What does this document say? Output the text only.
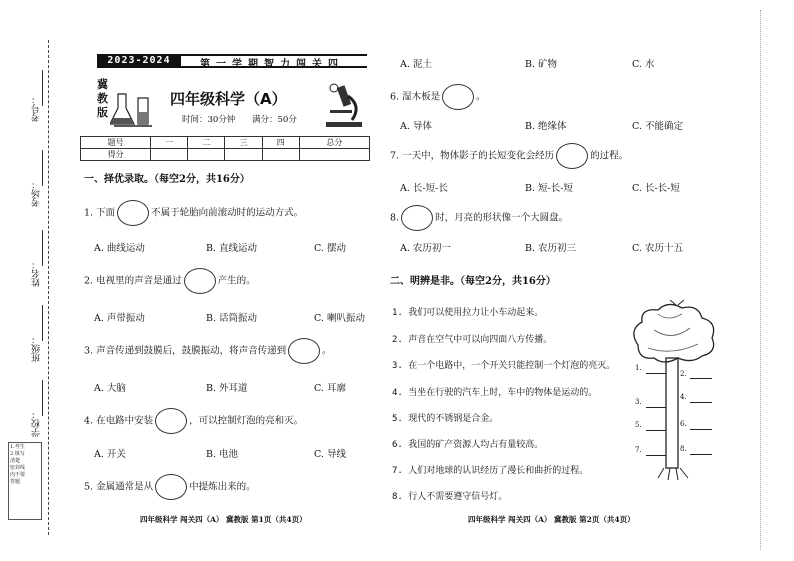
考号：
考场：
姓名：
班级：
学校：
1.考生
2.填写
清楚
密封线
内不要
答题
2023-2024	第一学期智力闯关四
冀教版
四年级科学（A）
时间：30分钟 满分：50分
题号	一	二	三	四	总分
得分					
一、择优录取。（每空2分，共16分）
1. 下面	不属于轮胎向前滚动时的运动方式。
A. 曲线运动	B. 直线运动	C. 摆动
2. 电视里的声音是通过	产生的。
A. 声带振动	B. 话筒振动	C. 喇叭振动
3. 声音传递到鼓膜后，鼓膜振动，将声音传递到	。
A. 大脑	B. 外耳道	C. 耳廓
4. 在电路中安装	，可以控制灯泡的亮和灭。
A. 开关	B. 电池	C. 导线
5. 金属通常是从	中提炼出来的。
四年级科学 闯关四（A） 冀教版 第1页（共4页）
A. 泥土	B. 矿物	C. 水
6. 湿木板是	。
A. 导体	B. 绝缘体	C. 不能确定
7. 一天中，物体影子的长短变化会经历	的过程。
A. 长-短-长	B. 短-长-短	C. 长-长-短
8.	时，月亮的形状像一个大圆盘。
A. 农历初一	B. 农历初三	C. 农历十五
二、明辨是非。（每空2分，共16分）
1. 我们可以使用拉力让小车动起来。
2. 声音在空气中可以向四面八方传播。
3. 在一个电路中，一个开关只能控制一个灯泡的亮灭。
4. 当坐在行驶的汽车上时，车中的物体是运动的。
5. 现代的不锈钢是合金。
6. 我国的矿产资源人均占有量较高。
7. 人们对地球的认识经历了漫长和曲折的过程。
8. 行人不需要遵守信号灯。
1.
2.
3.
4.
5.	6.
7.	8.
四年级科学 闯关四（A） 冀教版 第2页（共4页）
